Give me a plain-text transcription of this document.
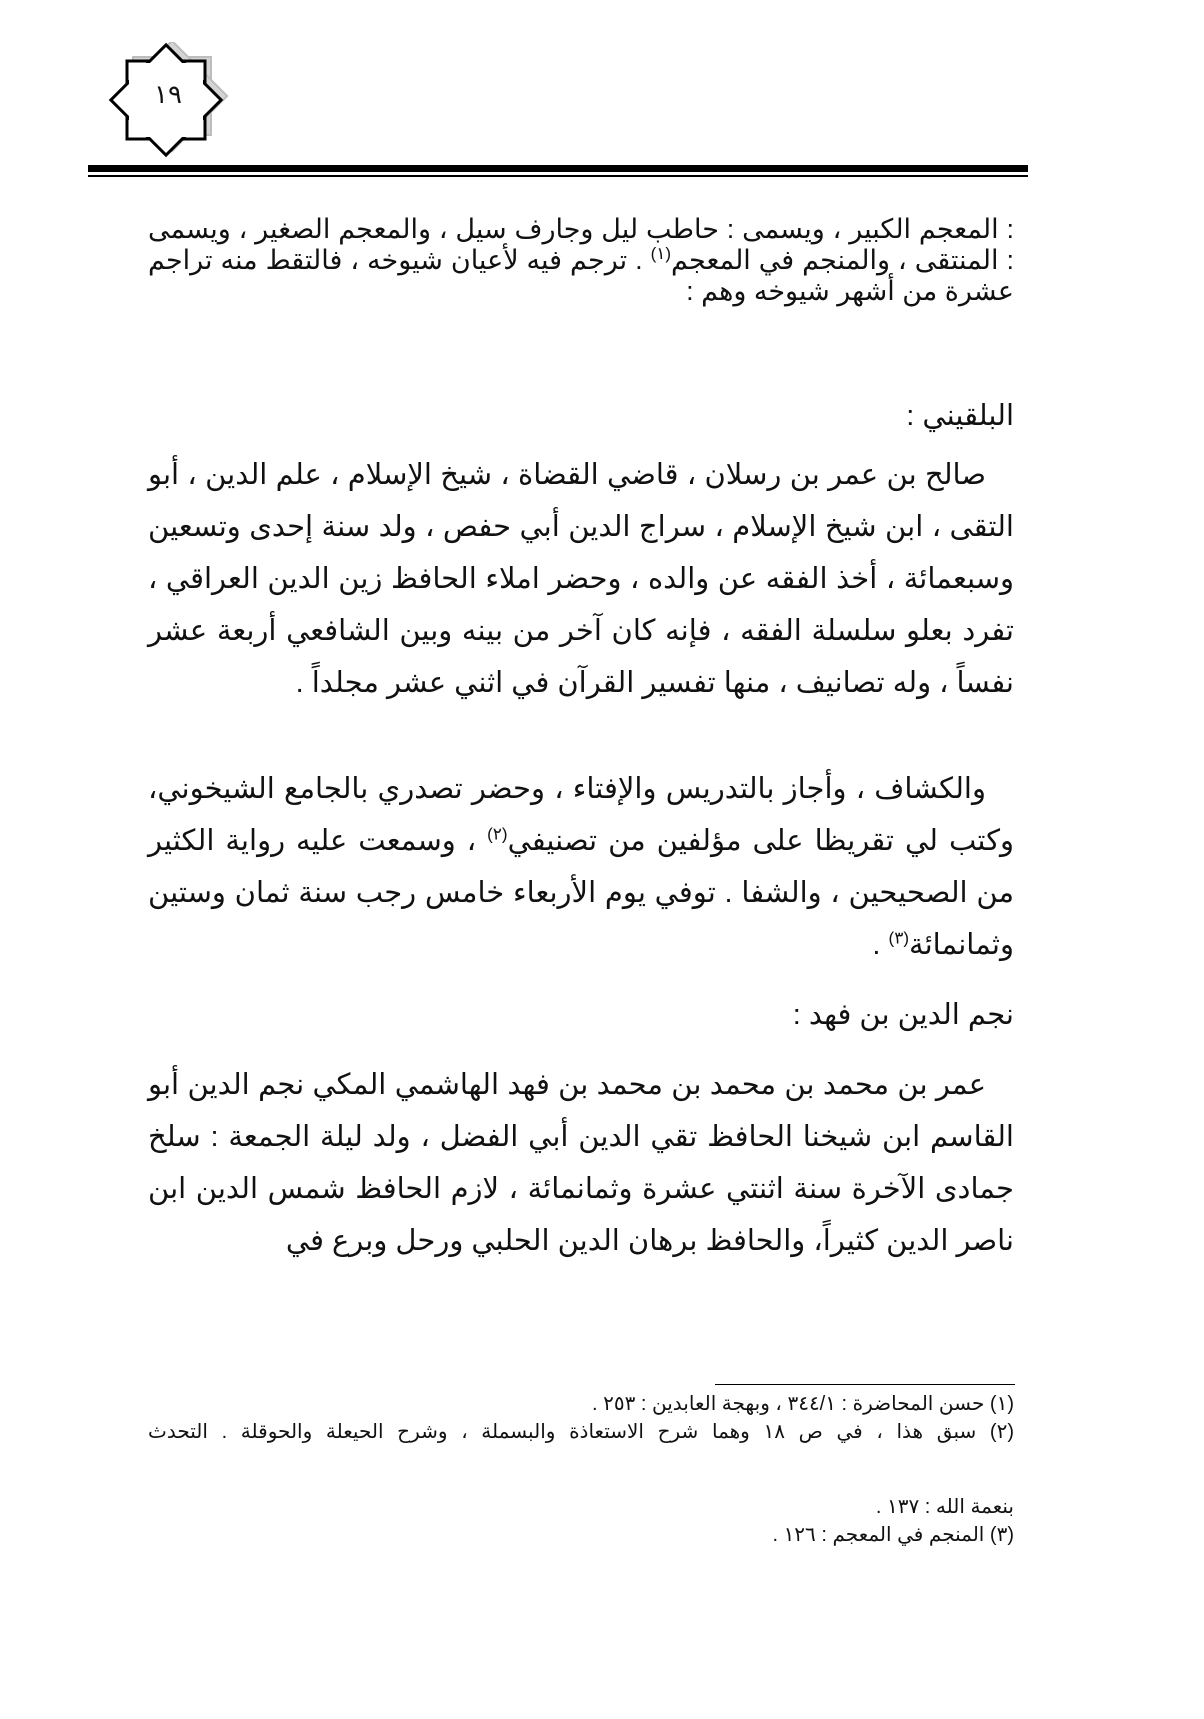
١٩
: المعجم الكبير ، ويسمى : حاطب ليل وجارف سيل ، والمعجم الصغير ، ويسمى : المنتقى ، والمنجم في المعجم$^{(١)}$ . ترجم فيه لأعيان شيوخه ، فالتقط منه تراجم عشرة من أشهر شيوخه وهم :
البلقيني :
صالح بن عمر بن رسلان ، قاضي القضاة ، شيخ الإسلام ، علم الدين ، أبو التقى ، ابن شيخ الإسلام ، سراج الدين أبي حفص ، ولد سنة إحدى وتسعين وسبعمائة ، أخذ الفقه عن والده ، وحضر املاء الحافظ زين الدين العراقي ، تفرد بعلو سلسلة الفقه ، فإنه كان آخر من بينه وبين الشافعي أربعة عشر نفساً ، وله تصانيف ، منها تفسير القرآن في اثني عشر مجلداً .
والكشاف ، وأجاز بالتدريس والإفتاء ، وحضر تصدري بالجامع الشيخوني، وكتب لي تقريظا على مؤلفين من تصنيفي$^{(٢)}$ ، وسمعت عليه رواية الكثير من الصحيحين ، والشفا . توفي يوم الأربعاء خامس رجب سنة ثمان وستين وثمانمائة$^{(٣)}$ .
نجم الدين بن فهد :
عمر بن محمد بن محمد بن محمد بن فهد الهاشمي المكي نجم الدين أبو القاسم ابن شيخنا الحافظ تقي الدين أبي الفضل ، ولد ليلة الجمعة : سلخ جمادى الآخرة سنة اثنتي عشرة وثمانمائة ، لازم الحافظ شمس الدين ابن ناصر الدين كثيراً، والحافظ برهان الدين الحلبي ورحل وبرع في
(١) حسن المحاضرة : ٣٤٤/١ ، وبهجة العابدين : ٢٥٣ .
(٢) سبق هذا ، في ص ١٨ وهما شرح الاستعاذة والبسملة ، وشرح الحيعلة والحوقلة . التحدث
بنعمة الله : ١٣٧ .
(٣) المنجم في المعجم : ١٢٦ .
